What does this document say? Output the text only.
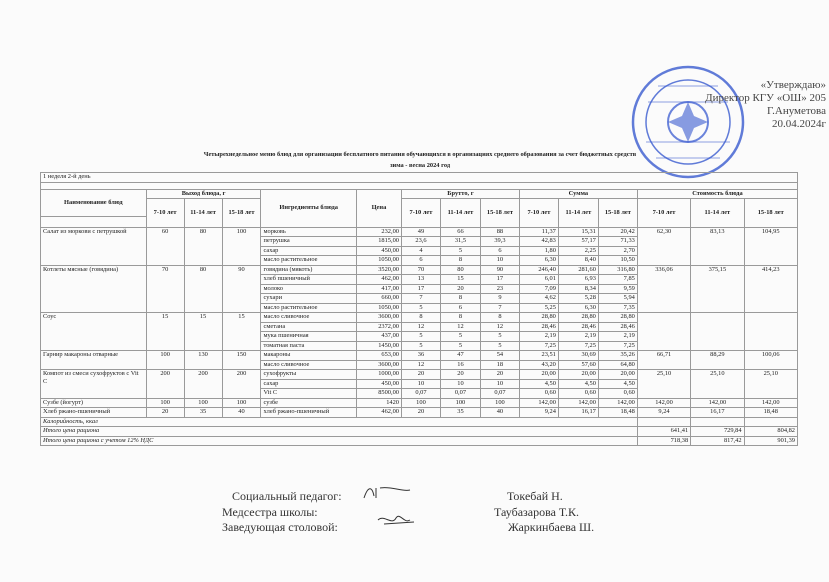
«Утверждаю»
Директор КГУ «ОШ» 205
Г.Ануметова
20.04.2024г
Четырехнедельное меню блюд для организации бесплатного питания обучающихся в организациях среднего образования за счет бюджетных средств
зима - весна 2024 год
1 неделя 2-й день														

Наименование блюд	Выход блюда, г			Ингредиенты блюда	Цена	Брутто, г			Сумма			Стоимость блюда		
	7-10 лет	11-14 лет	15-18 лет			7-10 лет	11-14 лет	15-18 лет	7-10 лет	11-14 лет	15-18 лет	7-10 лет	11-14 лет	15-18 лет

Салат из моркови с петрушкой	60	80	100	морковь	232,00	49	66	88	11,37	15,31	20,42	62,30	83,13	104,95
				петрушка	1815,00	23,6	31,5	39,3	42,83	57,17	71,33			
				сахар	450,00	4	5	6	1,80	2,25	2,70			
				масло растительное	1050,00	6	8	10	6,30	8,40	10,50			
Котлеты мясные (говядина)	70	80	90	говядина (мякоть)	3520,00	70	80	90	246,40	281,60	316,80	336,06	375,15	414,23
				хлеб пшеничный	462,00	13	15	17	6,01	6,93	7,85			
				молоко	417,00	17	20	23	7,09	8,34	9,59			
				сухари	660,00	7	8	9	4,62	5,28	5,94			
				масло растительное	1050,00	5	6	7	5,25	6,30	7,35			
Соус	15	15	15	масло сливочное	3600,00	8	8	8	28,80	28,80	28,80			
				сметана	2372,00	12	12	12	28,46	28,46	28,46			
				мука пшеничная	437,00	5	5	5	2,19	2,19	2,19			
				томатная паста	1450,00	5	5	5	7,25	7,25	7,25			
Гарнир макароны отварные	100	130	150	макароны	653,00	36	47	54	23,51	30,69	35,26	66,71	88,29	100,06
				масло сливочное	3600,00	12	16	18	43,20	57,60	64,80			
Компот из смеси сухофруктов с Vit C	200	200	200	сухофрукты	1000,00	20	20	20	20,00	20,00	20,00	25,10	25,10	25,10
				сахар	450,00	10	10	10	4,50	4,50	4,50			
				Vit C	8500,00	0,07	0,07	0,07	0,60	0,60	0,60			
Сузбе (йогурт)	100	100	100	сузбе	1420	100	100	100	142,00	142,00	142,00	142,00	142,00	142,00
Хлеб ржано-пшеничный	20	35	40	хлеб ржано-пшеничный	462,00	20	35	40	9,24	16,17	18,48	9,24	16,17	18,48
Калорийность, ккал														
Итого цена рациона												641,41	729,84	804,82
Итого цена рациона с учетом 12% НДС												718,38	817,42	901,39
Социальный педагог:
Медсестра школы:
Заведующая столовой:
Токебай Н.
Таубазарова Т.К.
Жаркинбаева Ш.
